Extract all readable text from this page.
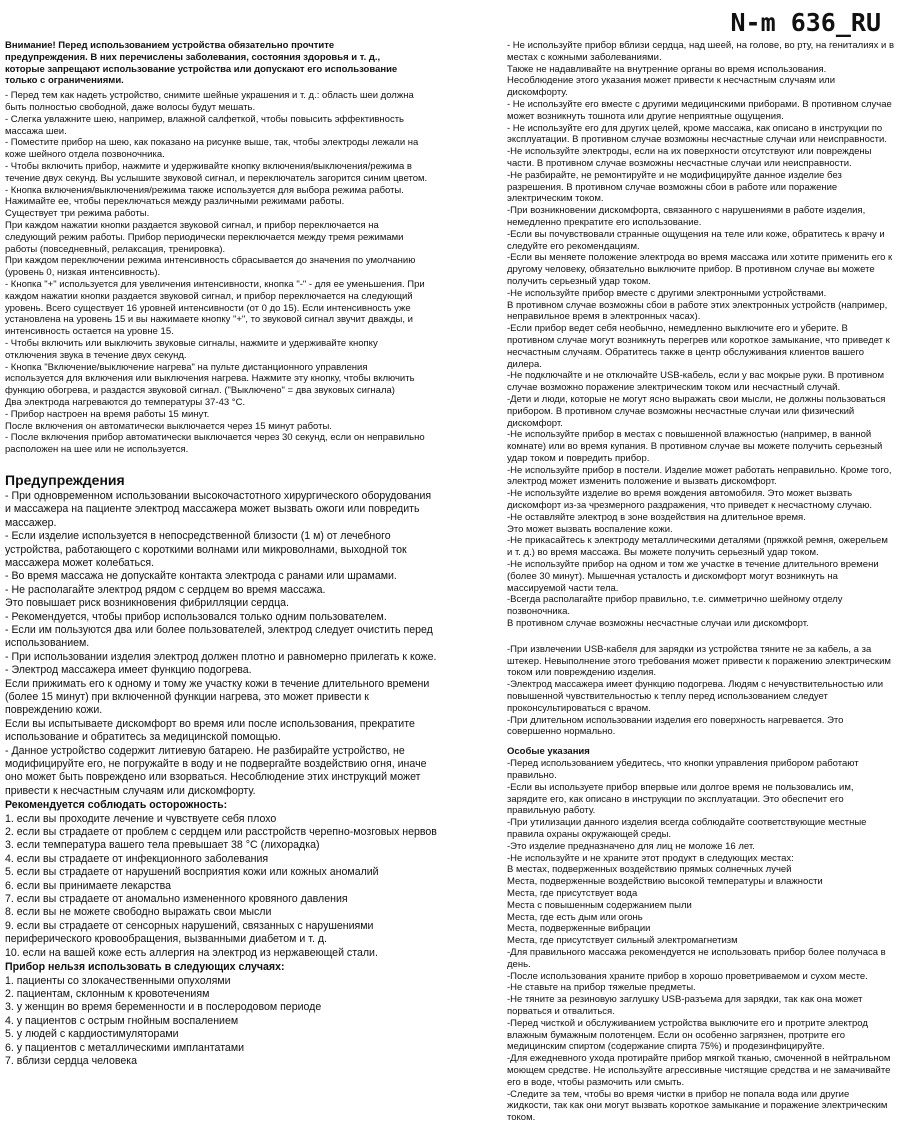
N-m 636_RU

Внимание! Перед использованием устройства обязательно прочтите
предупреждения. В них перечислены заболевания, состояния здоровья и т. д.,
которые запрещают использование устройства или допускают его использование
только с ограничениями.

- Перед тем как надеть устройство, снимите шейные украшения и т. д.: область шеи должна
быть полностью свободной, даже волосы будут мешать.
- Слегка увлажните шею, например, влажной салфеткой, чтобы повысить эффективность
массажа шеи.
- Поместите прибор на шею, как показано на рисунке выше, так, чтобы электроды лежали на
коже шейного отдела позвоночника.
- Чтобы включить прибор, нажмите и удерживайте кнопку включения/выключения/режима в
течение двух секунд. Вы услышите звуковой сигнал, и переключатель загорится синим цветом.
- Кнопка включения/выключения/режима также используется для выбора режима работы.
Нажимайте ее, чтобы переключаться между различными режимами работы.
Существует три режима работы.
При каждом нажатии кнопки раздается звуковой сигнал, и прибор переключается на
следующий режим работы. Прибор периодически переключается между тремя режимами
работы (повседневный, релаксация, тренировка).
При каждом переключении режима интенсивность сбрасывается до значения по умолчанию
(уровень 0, низкая интенсивность).
- Кнопка "+" используется для увеличения интенсивности, кнопка "-" - для ее уменьшения. При
каждом нажатии кнопки раздается звуковой сигнал, и прибор переключается на следующий
уровень. Всего существует 16 уровней интенсивности (от 0 до 15). Если интенсивность уже
установлена на уровень 15 и вы нажимаете кнопку "+", то звуковой сигнал звучит дважды, и
интенсивность остается на уровне 15.
- Чтобы включить или выключить звуковые сигналы, нажмите и удерживайте кнопку
отключения звука в течение двух секунд.
- Кнопка "Включение/выключение нагрева" на пульте дистанционного управления
используется для включения или выключения нагрева. Нажмите эту кнопку, чтобы включить
функцию обогрева, и раздастся звуковой сигнал. ("Выключено" = два звуковых сигнала)
Два электрода нагреваются до температуры 37-43 °C.
- Прибор настроен на время работы 15 минут.
После включения он автоматически выключается через 15 минут работы.
- После включения прибор автоматически выключается через 30 секунд, если он неправильно
расположен на шее или не используется.

Предупреждения

- При одновременном использовании высокочастотного хирургического оборудования
и массажера на пациенте электрод массажера может вызвать ожоги или повредить
массажер.
- Если изделие используется в непосредственной близости (1 м) от лечебного
устройства, работающего с короткими волнами или микроволнами, выходной ток
массажера может колебаться.
- Во время массажа не допускайте контакта электрода с ранами или шрамами.
- Не располагайте электрод рядом с сердцем во время массажа.
Это повышает риск возникновения фибрилляции сердца.
- Рекомендуется, чтобы прибор использовался только одним пользователем.
- Если им пользуются два или более пользователей, электрод следует очистить перед
использованием.
- При использовании изделия электрод должен плотно и равномерно прилегать к коже.
- Электрод массажера имеет функцию подогрева.
Если прижимать его к одному и тому же участку кожи в течение длительного времени
(более 15 минут) при включенной функции нагрева, это может привести к
повреждению кожи.
Если вы испытываете дискомфорт во время или после использования, прекратите
использование и обратитесь за медицинской помощью.
- Данное устройство содержит литиевую батарею. Не разбирайте устройство, не
модифицируйте его, не погружайте в воду и не подвергайте воздействию огня, иначе
оно может быть повреждено или взорваться. Несоблюдение этих инструкций может
привести к несчастным случаям или дискомфорту.

Рекомендуется соблюдать осторожность:

1. если вы проходите лечение и чувствуете себя плохо
2. если вы страдаете от проблем с сердцем или расстройств черепно-мозговых нервов
3. если температура вашего тела превышает 38 °C (лихорадка)
4. если вы страдаете от инфекционного заболевания
5. если вы страдаете от нарушений восприятия кожи или кожных аномалий
6. если вы принимаете лекарства
7. если вы страдаете от аномально измененного кровяного давления
8. если вы не можете свободно выражать свои мысли
9. если вы страдаете от сенсорных нарушений, связанных с нарушениями
периферического кровообращения, вызванными диабетом и т. д.
10. если на вашей коже есть аллергия на электрод из нержавеющей стали.

Прибор нельзя использовать в следующих случаях:

1. пациенты со злокачественными опухолями
2. пациентам, склонным к кровотечениям
3. у женщин во время беременности и в послеродовом периоде
4. у пациентов с острым гнойным воспалением
5. у людей с кардиостимуляторами
6. у пациентов с металлическими имплантатами
7. вблизи сердца человека

- Не используйте прибор вблизи сердца, над шеей, на голове, во рту, на гениталиях и в
местах с кожными заболеваниями.
Также не надавливайте на внутренние органы во время использования.
Несоблюдение этого указания может привести к несчастным случаям или
дискомфорту.
- Не используйте его вместе с другими медицинскими приборами. В противном случае
может возникнуть тошнота или другие неприятные ощущения.
- Не используйте его для других целей, кроме массажа, как описано в инструкции по
эксплуатации. В противном случае возможны несчастные случаи или неисправности.
-Не используйте электроды, если на их поверхности отсутствуют или повреждены
части. В противном случае возможны несчастные случаи или неисправности.
-Не разбирайте, не ремонтируйте и не модифицируйте данное изделие без
разрешения. В противном случае возможны сбои в работе или поражение
электрическим током.
-При возникновении дискомфорта, связанного с нарушениями в работе изделия,
немедленно прекратите его использование.
-Если вы почувствовали странные ощущения на теле или коже, обратитесь к врачу и
следуйте его рекомендациям.
-Если вы меняете положение электрода во время массажа или хотите применить его к
другому человеку, обязательно выключите прибор. В противном случае вы можете
получить серьезный удар током.
-Не используйте прибор вместе с другими электронными устройствами.
В противном случае возможны сбои в работе этих электронных устройств (например,
неправильное время в электронных часах).
-Если прибор ведет себя необычно, немедленно выключите его и уберите. В
противном случае могут возникнуть перегрев или короткое замыкание, что приведет к
несчастным случаям. Обратитесь также в центр обслуживания клиентов вашего
дилера.
-Не подключайте и не отключайте USB-кабель, если у вас мокрые руки. В противном
случае возможно поражение электрическим током или несчастный случай.
-Дети и люди, которые не могут ясно выражать свои мысли, не должны пользоваться
прибором. В противном случае возможны несчастные случаи или физический
дискомфорт.
-Не используйте прибор в местах с повышенной влажностью (например, в ванной
комнате) или во время купания. В противном случае вы можете получить серьезный
удар током и повредить прибор.
-Не используйте прибор в постели. Изделие может работать неправильно. Кроме того,
электрод может изменить положение и вызвать дискомфорт.
-Не используйте изделие во время вождения автомобиля. Это может вызвать
дискомфорт из-за чрезмерного раздражения, что приведет к несчастному случаю.
-Не оставляйте электрод в зоне воздействия на длительное время.
Это может вызвать воспаление кожи.
-Не прикасайтесь к электроду металлическими деталями (пряжкой ремня, ожерельем
и т. д.) во время массажа. Вы можете получить серьезный удар током.
-Не используйте прибор на одном и том же участке в течение длительного времени
(более 30 минут). Мышечная усталость и дискомфорт могут возникнуть на
массируемой части тела.
-Всегда располагайте прибор правильно, т.е. симметрично шейному отделу
позвоночника.
В противном случае возможны несчастные случаи или дискомфорт.

-При извлечении USB-кабеля для зарядки из устройства тяните не за кабель, а за
штекер. Невыполнение этого требования может привести к поражению электрическим
током или повреждению изделия.
-Электрод массажера имеет функцию подогрева. Людям с нечувствительностью или
повышенной чувствительностью к теплу перед использованием следует
проконсультироваться с врачом.
-При длительном использовании изделия его поверхность нагревается. Это
совершенно нормально.

Особые указания

-Перед использованием убедитесь, что кнопки управления прибором работают
правильно.
-Если вы используете прибор впервые или долгое время не пользовались им,
зарядите его, как описано в инструкции по эксплуатации. Это обеспечит его
правильную работу.
-При утилизации данного изделия всегда соблюдайте соответствующие местные
правила охраны окружающей среды.
-Это изделие предназначено для лиц не моложе 16 лет.
-Не используйте и не храните этот продукт в следующих местах:
В местах, подверженных воздействию прямых солнечных лучей
Места, подверженные воздействию высокой температуры и влажности
Места, где присутствует вода
Места с повышенным содержанием пыли
Места, где есть дым или огонь
Места, подверженные вибрации
Места, где присутствует сильный электромагнетизм
-Для правильного массажа рекомендуется не использовать прибор более получаса в
день.
-После использования храните прибор в хорошо проветриваемом и сухом месте.
-Не ставьте на прибор тяжелые предметы.
-Не тяните за резиновую заглушку USB-разъема для зарядки, так как она может
порваться и отвалиться.
-Перед чисткой и обслуживанием устройства выключите его и протрите электрод
влажным бумажным полотенцем. Если он особенно загрязнен, протрите его
медицинским спиртом (содержание спирта 75%) и продезинфицируйте.
-Для ежедневного ухода протирайте прибор мягкой тканью, смоченной в нейтральном
моющем средстве. Не используйте агрессивные чистящие средства и не замачивайте
его в воде, чтобы размочить или смыть.
-Следите за тем, чтобы во время чистки в прибор не попала вода или другие
жидкости, так как они могут вызвать короткое замыкание и поражение электрическим
током.
